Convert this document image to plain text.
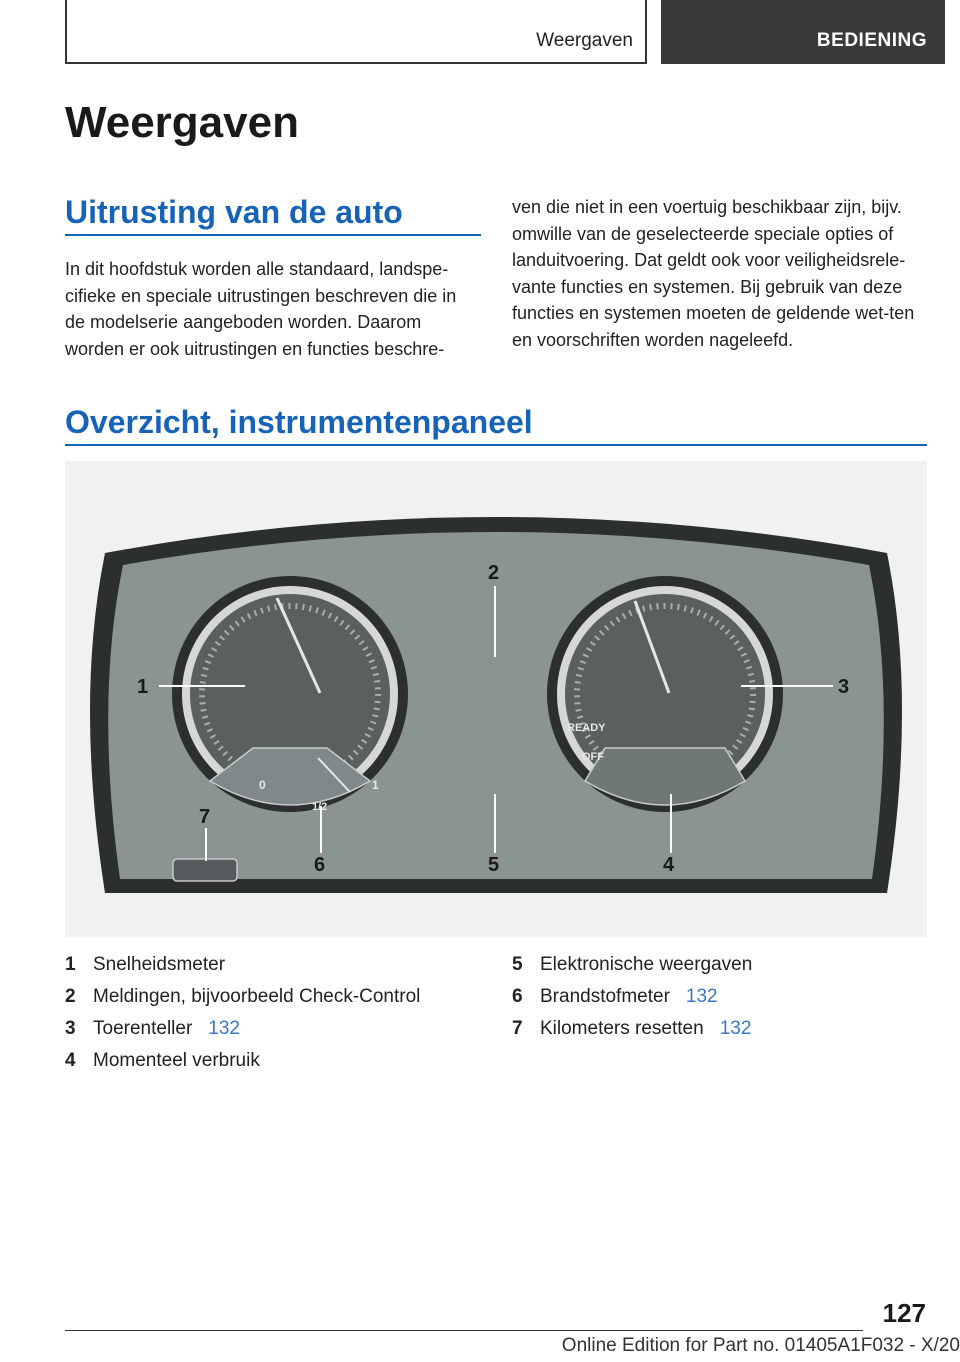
Weergaven	BEDIENING
Weergaven
Uitrusting van de auto

In dit hoofdstuk worden alle standaard, landspe-cifieke en speciale uitrustingen beschreven die in de modelserie aangeboden worden. Daarom worden er ook uitrustingen en functies beschre-

ven die niet in een voertuig beschikbaar zijn, bijv. omwille van de geselecteerde speciale opties of landuitvoering. Dat geldt ook voor veiligheidsrele-vante functies en systemen. Bij gebruik van deze functies en systemen moeten de geldende wet-ten en voorschriften worden nageleefd.

Overzicht, instrumentenpaneel
0	1
1/2
READY
OFF
1
2
3
4
5
6
7
1 Snelheidsmeter
2 Meldingen, bijvoorbeeld Check-Control
3 Toerenteller 132
4 Momenteel verbruik
5 Elektronische weergaven
6 Brandstofmeter 132
7 Kilometers resetten 132
127
Online Edition for Part no. 01405A1F032 - X/20
